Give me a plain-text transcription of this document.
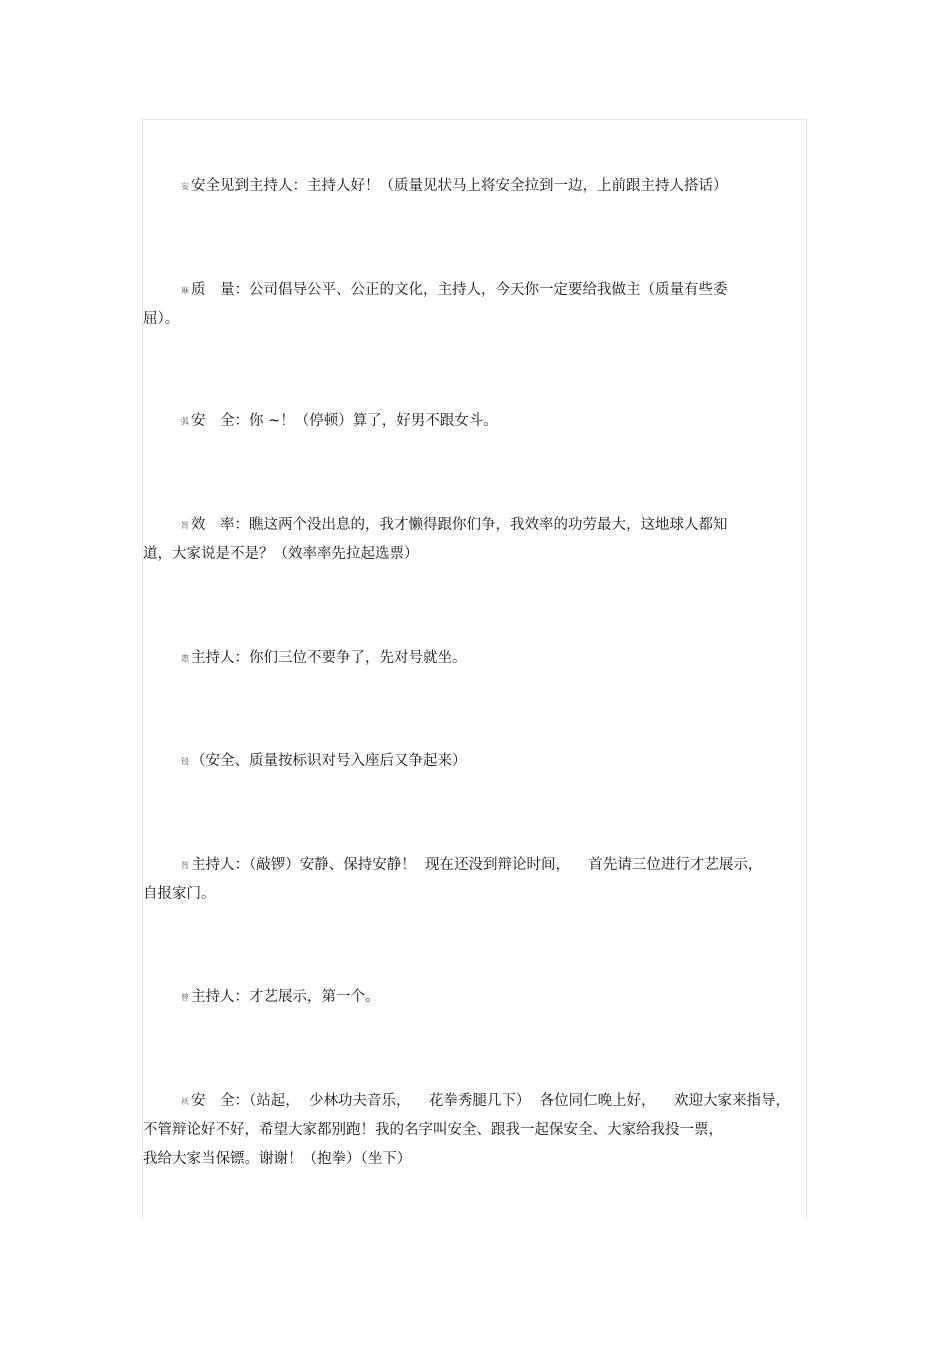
妄 安全见到主持人：主持人好！（质量见状马上将安全拉到一边，上前跟主持人搭话）
麻 质　量：公司倡导公平、公正的文化，主持人，今天你一定要给我做主（质量有些委
屈）。
弧 安　全：你 ~！（停顿）算了，好男不跟女斗。
筲 效　率：瞧这两个没出息的，我才懒得跟你们争，我效率的功劳最大，这地球人都知
道，大家说是不是？（效率率先拉起选票）
惠 主持人：你们三位不要争了，先对号就坐。
锓 （安全、质量按标识对号入座后又争起来）
筲 主持人：（敲锣）安静、保持安静！  现在还没到辩论时间，    首先请三位进行才艺展示，
自报家门。
曾 主持人：才艺展示，第一个。
祆 安　全：（站起，  少林功夫音乐，    花拳秀腿几下）  各位同仁晚上好，    欢迎大家来指导，
不管辩论好不好，希望大家都别跑！我的名字叫安全、跟我一起保安全、大家给我投一票，
我给大家当保镖。谢谢！（抱拳）（坐下）
